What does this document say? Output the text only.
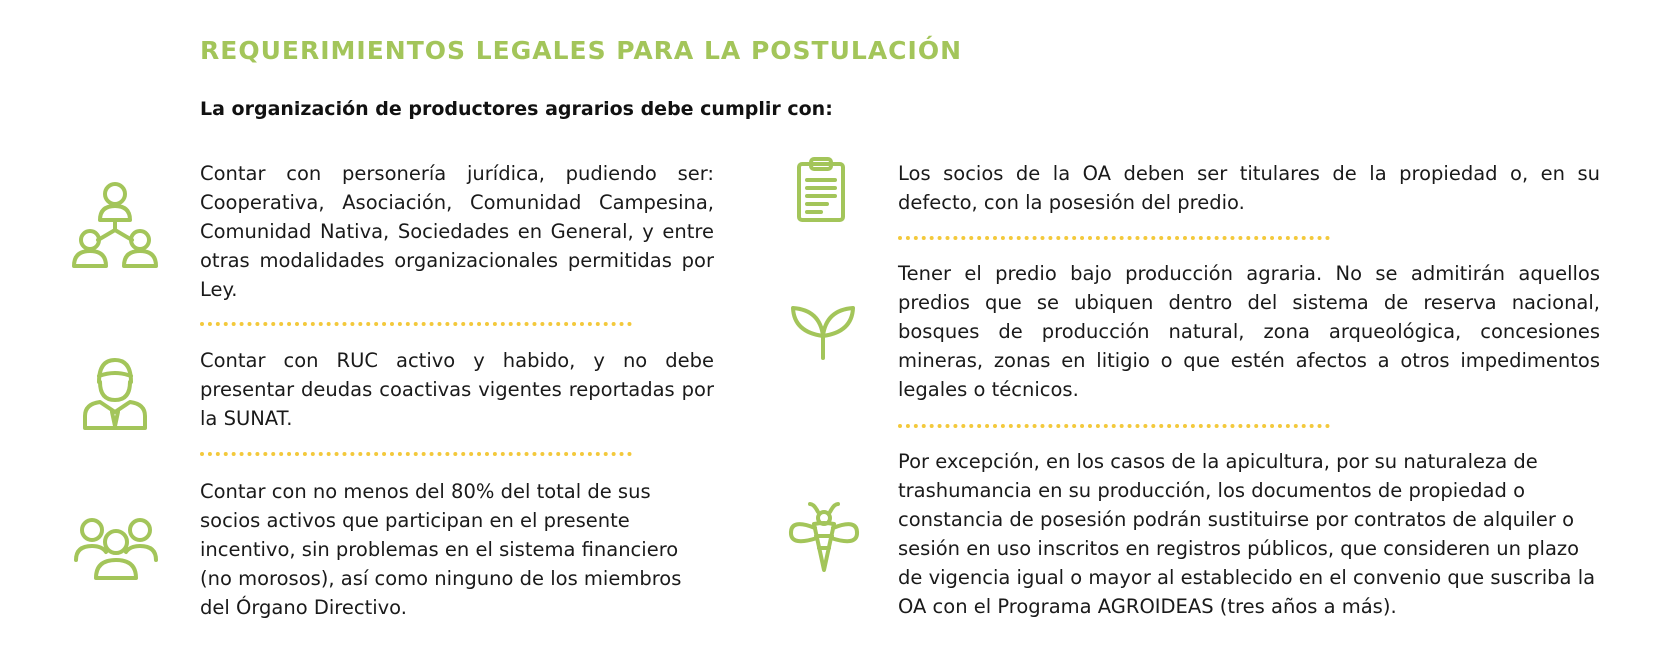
REQUERIMIENTOS LEGALES PARA LA POSTULACIÓN
La organización de productores agrarios debe cumplir con:

Contar con personería jurídica, pudiendo ser: Cooperativa, Asociación, Comunidad Campesina, Comunidad Nativa, Sociedades en General, y entre otras modalidades organizacionales permitidas por Ley.

Contar con RUC activo y habido, y no debe presentar deudas coactivas vigentes reportadas por la SUNAT.

Contar con no menos del 80% del total de sus socios activos que participan en el presente incentivo, sin problemas en el sistema financiero (no morosos), así como ninguno de los miembros del Órgano Directivo.

Los socios de la OA deben ser titulares de la propiedad o, en su defecto, con la posesión del predio.

Tener el predio bajo producción agraria. No se admitirán aquellos predios que se ubiquen dentro del sistema de reserva nacional, bosques de producción natural, zona arqueológica, concesiones mineras, zonas en litigio o que estén afectos a otros impedimentos legales o técnicos.

Por excepción, en los casos de la apicultura, por su naturaleza de trashumancia en su producción, los documentos de propiedad o constancia de posesión podrán sustituirse por contratos de alquiler o sesión en uso inscritos en registros públicos, que consideren un plazo de vigencia igual o mayor al establecido en el convenio que suscriba la OA con el Programa AGROIDEAS (tres años a más).
